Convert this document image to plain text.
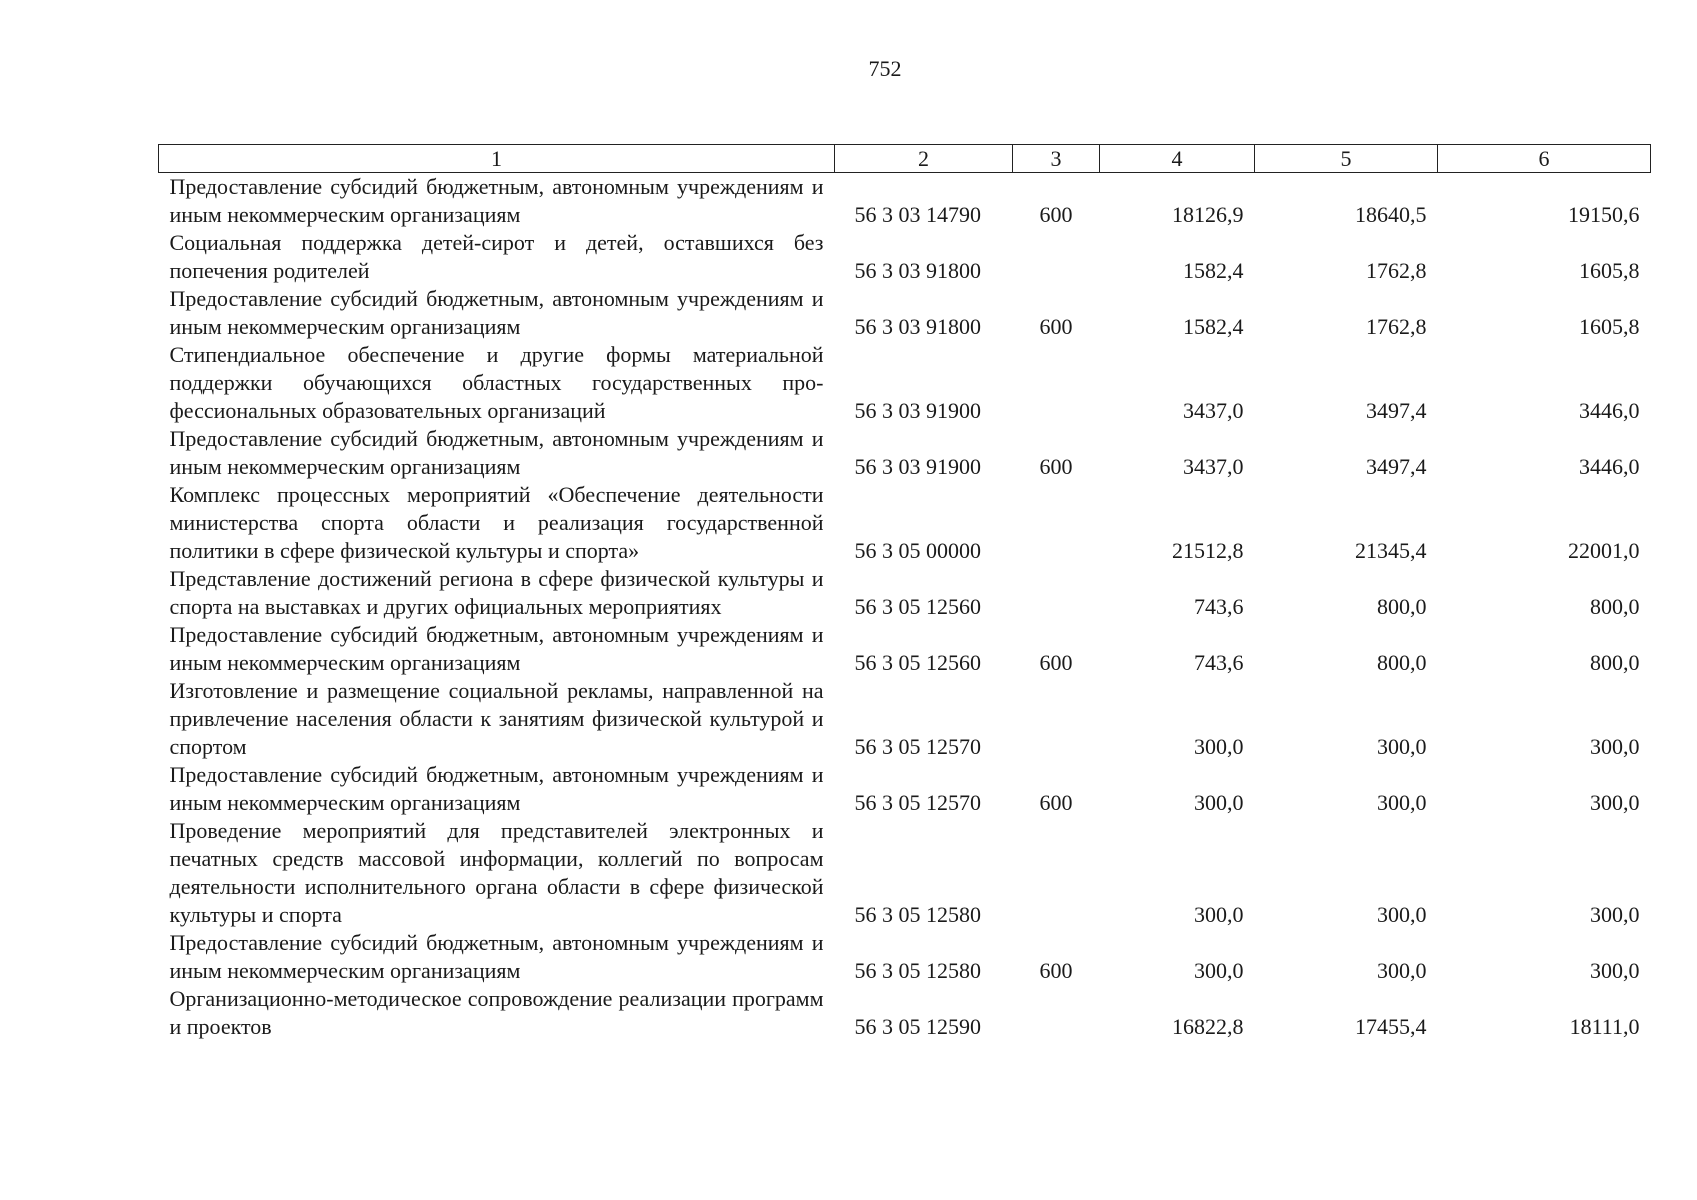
752
1	2	3	4	5	6
Предоставление субсидий бюджетным, автономным учреждениям и иным некоммерческим организациям	56 3 03 14790	600	18126,9	18640,5	19150,6
Социальная поддержка детей-сирот и детей, оставшихся без попечения родителей	56 3 03 91800		1582,4	1762,8	1605,8
Предоставление субсидий бюджетным, автономным учреждениям и иным некоммерческим организациям	56 3 03 91800	600	1582,4	1762,8	1605,8
Стипендиальное обеспечение и другие формы материальной поддержки обучающихся областных государственных профессиональных образовательных организаций	56 3 03 91900		3437,0	3497,4	3446,0
Предоставление субсидий бюджетным, автономным учреждениям и иным некоммерческим организациям	56 3 03 91900	600	3437,0	3497,4	3446,0
Комплекс процессных мероприятий «Обеспечение деятельности министерства спорта области и реализация государственной политики в сфере физической культуры и спорта»	56 3 05 00000		21512,8	21345,4	22001,0
Представление достижений региона в сфере физической культуры и спорта на выставках и других официальных мероприятиях	56 3 05 12560		743,6	800,0	800,0
Предоставление субсидий бюджетным, автономным учреждениям и иным некоммерческим организациям	56 3 05 12560	600	743,6	800,0	800,0
Изготовление и размещение социальной рекламы, направленной на привлечение населения области к занятиям физической культурой и спортом	56 3 05 12570		300,0	300,0	300,0
Предоставление субсидий бюджетным, автономным учреждениям и иным некоммерческим организациям	56 3 05 12570	600	300,0	300,0	300,0
Проведение мероприятий для представителей электронных и печатных средств массовой информации, коллегий по вопросам деятельности исполнительного органа области в сфере физической культуры и спорта	56 3 05 12580		300,0	300,0	300,0
Предоставление субсидий бюджетным, автономным учреждениям и иным некоммерческим организациям	56 3 05 12580	600	300,0	300,0	300,0
Организационно-методическое сопровождение реализации программ и проектов	56 3 05 12590		16822,8	17455,4	18111,0
